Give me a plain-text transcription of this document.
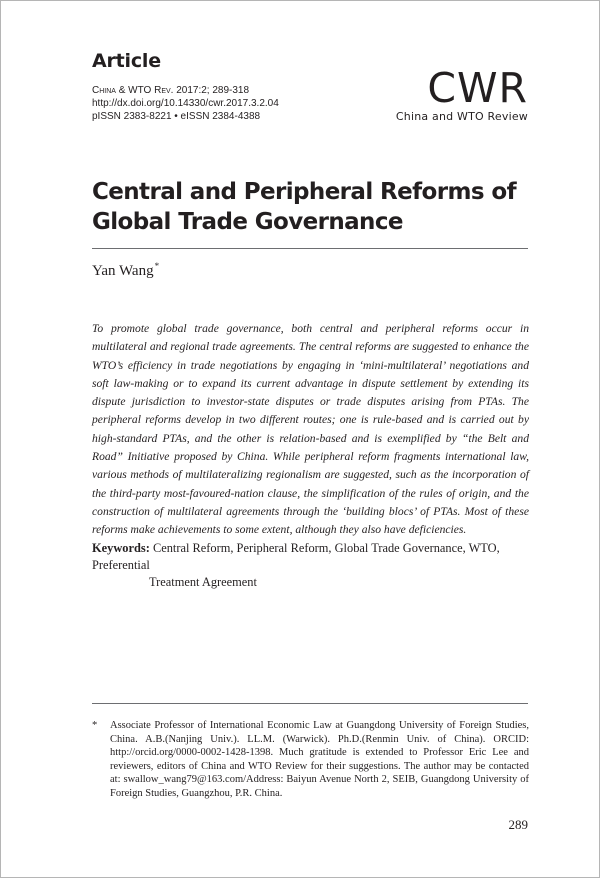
Article
China & WTO Rev. 2017:2; 289-318
http://dx.doi.org/10.14330/cwr.2017.3.2.04
pISSN 2383-8221 • eISSN 2384-4388
CWR
China and WTO Review
Central and Peripheral Reforms of Global Trade Governance
Yan Wang*

To promote global trade governance, both central and peripheral reforms occur in multilateral and regional trade agreements. The central reforms are suggested to enhance the WTO’s efficiency in trade negotiations by engaging in ‘mini-multilateral’ negotiations and soft law-making or to expand its current advantage in dispute settlement by extending its dispute jurisdiction to investor-state disputes or trade disputes arising from PTAs. The peripheral reforms develop in two different routes; one is rule-based and is carried out by high-standard PTAs, and the other is relation-based and is exemplified by “the Belt and Road” Initiative proposed by China. While peripheral reform fragments international law, various methods of multilateralizing regionalism are suggested, such as the incorporation of the third-party most-favoured-nation clause, the simplification of the rules of origin, and the construction of multilateral agreements through the ‘building blocs’ of PTAs. Most of these reforms make achievements to some extent, although they also have deficiencies.

Keywords: Central Reform, Peripheral Reform, Global Trade Governance, WTO, Preferential
Treatment Agreement
*	Associate Professor of International Economic Law at Guangdong University of Foreign Studies, China. A.B.(Nanjing Univ.). LL.M. (Warwick). Ph.D.(Renmin Univ. of China). ORCID: http://orcid.org/0000-0002-1428-1398. Much gratitude is extended to Professor Eric Lee and reviewers, editors of China and WTO Review for their suggestions. The author may be contacted at: swallow_wang79@163.com/Address: Baiyun Avenue North 2, SEIB, Guangdong University of Foreign Studies, Guangzhou, P.R. China.
289
